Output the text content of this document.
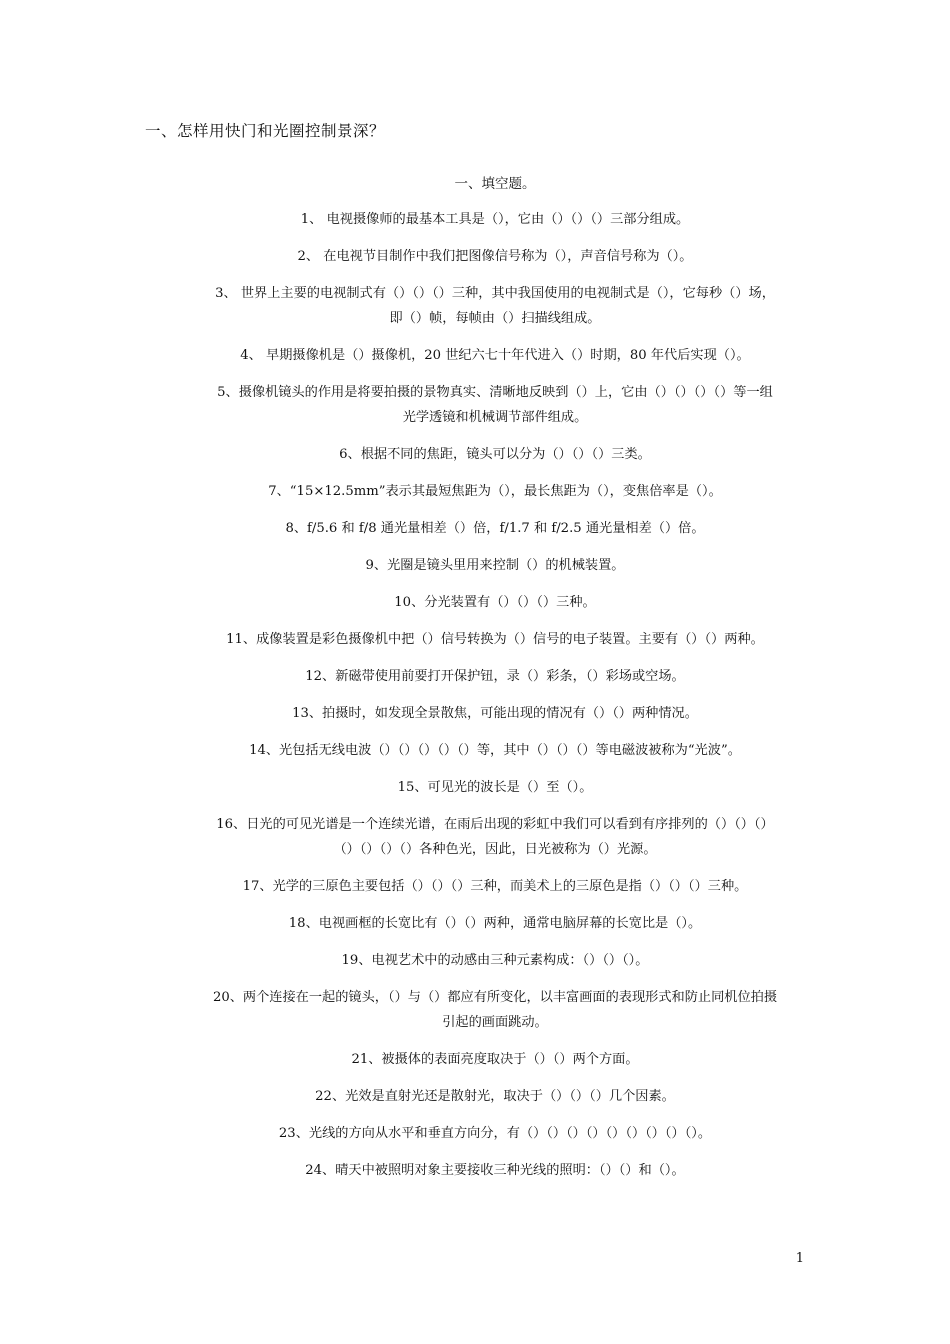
一、怎样用快门和光圈控制景深？
一、填空题。

1、 电视摄像师的最基本工具是（），它由（）（）（）三部分组成。

2、 在电视节目制作中我们把图像信号称为（），声音信号称为（）。

3、 世界上主要的电视制式有（）（）（）三种，其中我国使用的电视制式是（），它每秒（）场，
即（）帧，每帧由（）扫描线组成。

4、 早期摄像机是（）摄像机，20 世纪六七十年代进入（）时期，80 年代后实现（）。

5、摄像机镜头的作用是将要拍摄的景物真实、清晰地反映到（）上，它由（）（）（）（）等一组
光学透镜和机械调节部件组成。

6、根据不同的焦距，镜头可以分为（）（）（）三类。

7、“15×12.5mm”表示其最短焦距为（），最长焦距为（），变焦倍率是（）。

8、f/5.6 和 f/8 通光量相差（）倍，f/1.7 和 f/2.5 通光量相差（）倍。

9、光圈是镜头里用来控制（）的机械装置。

10、分光装置有（）（）（）三种。

11、成像装置是彩色摄像机中把（）信号转换为（）信号的电子装置。主要有（）（）两种。

12、新磁带使用前要打开保护钮，录（）彩条，（）彩场或空场。

13、拍摄时，如发现全景散焦，可能出现的情况有（）（）两种情况。

14、光包括无线电波（）（）（）（）（）等，其中（）（）（）等电磁波被称为“光波”。

15、可见光的波长是（）至（）。

16、日光的可见光谱是一个连续光谱，在雨后出现的彩虹中我们可以看到有序排列的（）（）（）
（）（）（）（）各种色光，因此，日光被称为（）光源。

17、光学的三原色主要包括（）（）（）三种，而美术上的三原色是指（）（）（）三种。

18、电视画框的长宽比有（）（）两种，通常电脑屏幕的长宽比是（）。

19、电视艺术中的动感由三种元素构成：（）（）（）。

20、两个连接在一起的镜头，（）与（）都应有所变化，以丰富画面的表现形式和防止同机位拍摄
引起的画面跳动。

21、被摄体的表面亮度取决于（）（）两个方面。

22、光效是直射光还是散射光，取决于（）（）（）几个因素。

23、光线的方向从水平和垂直方向分，有（）（）（）（）（）（）（）（）（）。

24、晴天中被照明对象主要接收三种光线的照明：（）（）和（）。

1
